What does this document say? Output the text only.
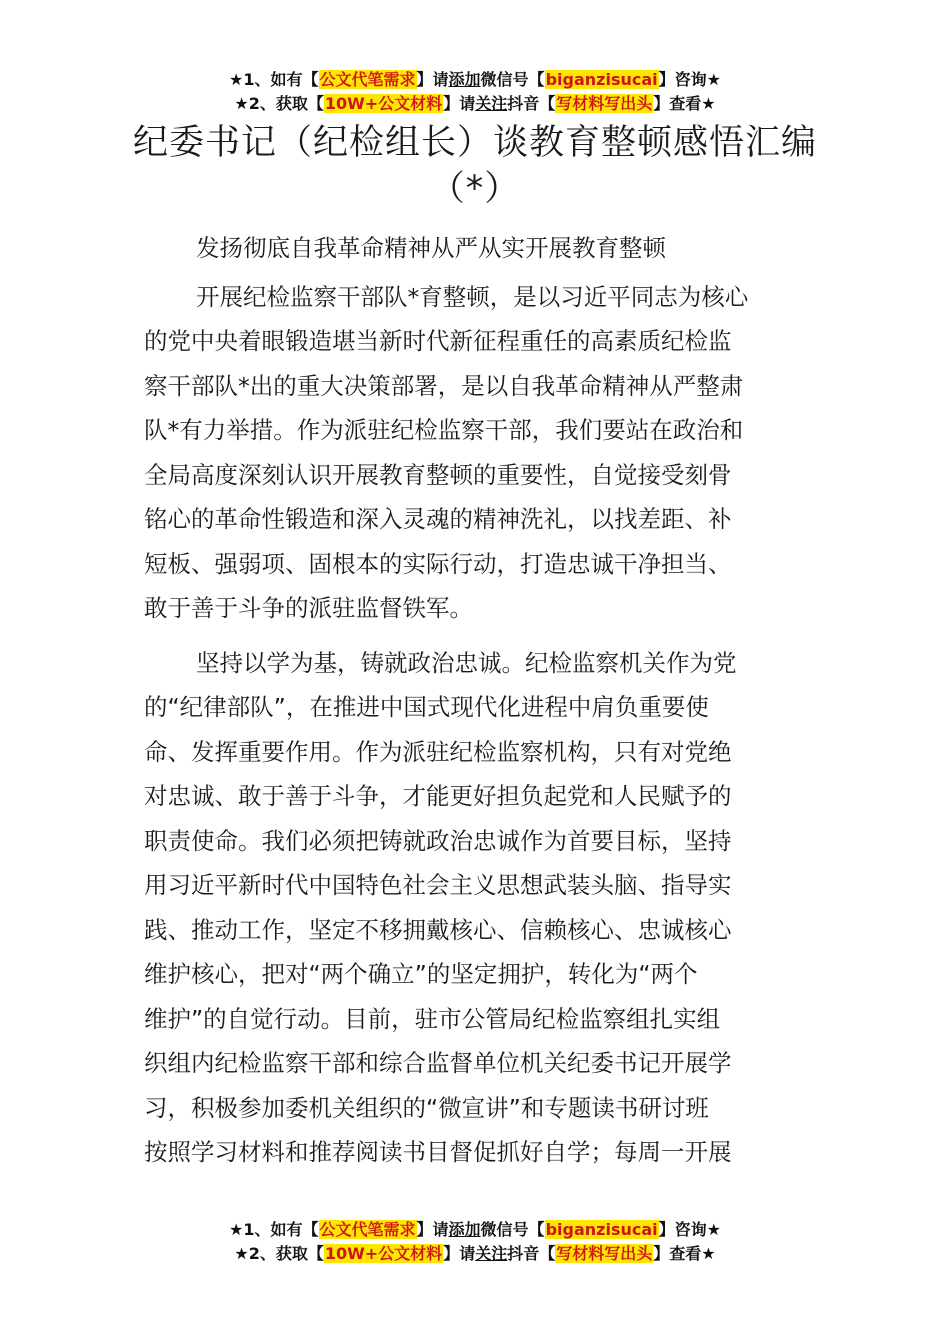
★1、如有【公文代笔需求】请添加微信号【biganzisucai】咨询★
★2、获取【10W+公文材料】请关注抖音【写材料写出头】查看★
纪委书记（纪检组长）谈教育整顿感悟汇编
（*）
发扬彻底自我革命精神从严从实开展教育整顿
开展纪检监察干部队*育整顿，是以习近平同志为核心
的党中央着眼锻造堪当新时代新征程重任的高素质纪检监
察干部队*出的重大决策部署，是以自我革命精神从严整肃
队*有力举措。作为派驻纪检监察干部，我们要站在政治和
全局高度深刻认识开展教育整顿的重要性，自觉接受刻骨
铭心的革命性锻造和深入灵魂的精神洗礼，以找差距、补
短板、强弱项、固根本的实际行动，打造忠诚干净担当、
敢于善于斗争的派驻监督铁军。
坚持以学为基，铸就政治忠诚。纪检监察机关作为党
的“纪律部队”，在推进中国式现代化进程中肩负重要使
命、发挥重要作用。作为派驻纪检监察机构，只有对党绝
对忠诚、敢于善于斗争，才能更好担负起党和人民赋予的
职责使命。我们必须把铸就政治忠诚作为首要目标，坚持
用习近平新时代中国特色社会主义思想武装头脑、指导实
践、推动工作，坚定不移拥戴核心、信赖核心、忠诚核心
维护核心，把对“两个确立”的坚定拥护，转化为“两个
维护”的自觉行动。目前，驻市公管局纪检监察组扎实组
织组内纪检监察干部和综合监督单位机关纪委书记开展学
习，积极参加委机关组织的“微宣讲”和专题读书研讨班
按照学习材料和推荐阅读书目督促抓好自学；每周一开展
★1、如有【公文代笔需求】请添加微信号【biganzisucai】咨询★
★2、获取【10W+公文材料】请关注抖音【写材料写出头】查看★
